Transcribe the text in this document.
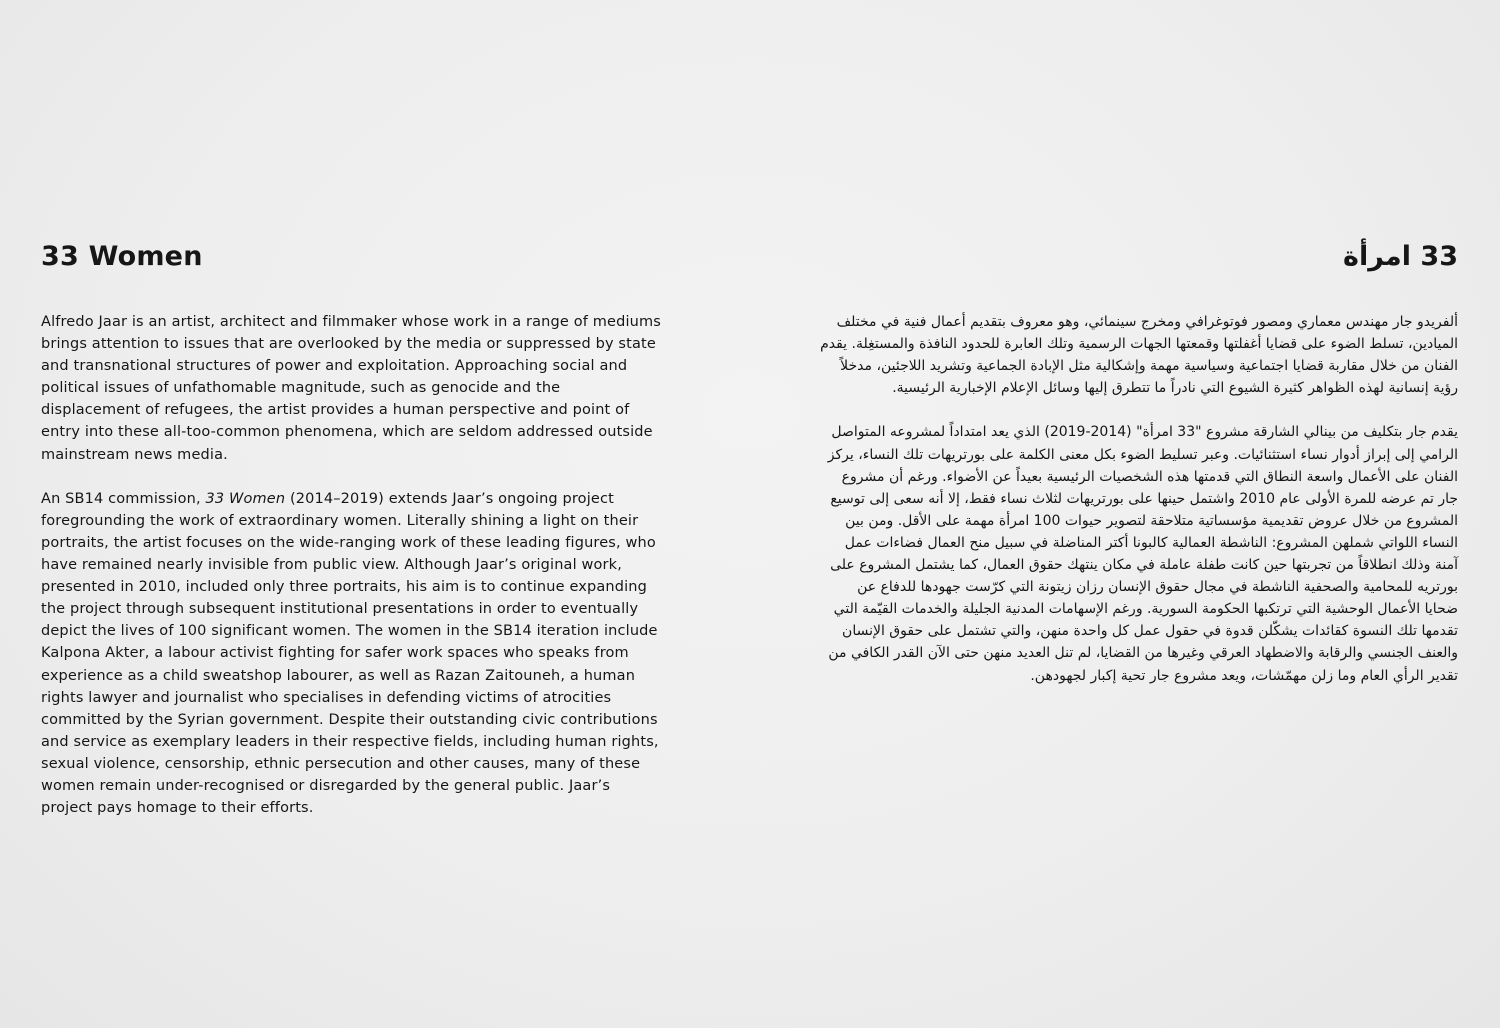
33 Women

Alfredo Jaar is an artist, architect and filmmaker whose work in a range of mediums brings attention to issues that are overlooked by the media or suppressed by state and transnational structures of power and exploitation. Approaching social and political issues of unfathomable magnitude, such as genocide and the displacement of refugees, the artist provides a human perspective and point of entry into these all-too-common phenomena, which are seldom addressed outside mainstream news media.

An SB14 commission, 33 Women (2014–2019) extends Jaar’s ongoing project foregrounding the work of extraordinary women. Literally shining a light on their portraits, the artist focuses on the wide-ranging work of these leading figures, who have remained nearly invisible from public view. Although Jaar’s original work, presented in 2010, included only three portraits, his aim is to continue expanding the project through subsequent institutional presentations in order to eventually depict the lives of 100 significant women. The women in the SB14 iteration include Kalpona Akter, a labour activist fighting for safer work spaces who speaks from experience as a child sweatshop labourer, as well as Razan Zaitouneh, a human rights lawyer and journalist who specialises in defending victims of atrocities committed by the Syrian government. Despite their outstanding civic contributions and service as exemplary leaders in their respective fields, including human rights, sexual violence, censorship, ethnic persecution and other causes, many of these women remain under-recognised or disregarded by the general public. Jaar’s project pays homage to their efforts.

33 امرأة

ألفريدو جار مهندس معماري ومصور فوتوغرافي ومخرج سينمائي، وهو معروف بتقديم أعمال فنية في مختلف الميادين، تسلط الضوء على قضايا أغفلتها وقمعتها الجهات الرسمية وتلك العابرة للحدود النافذة والمستغِلة. يقدم الفنان من خلال مقاربة قضايا اجتماعية وسياسية مهمة وإشكالية مثل الإبادة الجماعية وتشريد اللاجئين، مدخلاً رؤية إنسانية لهذه الظواهر كثيرة الشيوع التي نادراً ما تتطرق إليها وسائل الإعلام الإخبارية الرئيسية.

يقدم جار بتكليف من بينالي الشارقة مشروع "33 امرأة" (2014-2019) الذي يعد امتداداً لمشروعه المتواصل الرامي إلى إبراز أدوار نساء استثنائيات. وعبر تسليط الضوء بكل معنى الكلمة على بورتريهات تلك النساء، يركز الفنان على الأعمال واسعة النطاق التي قدمتها هذه الشخصيات الرئيسية بعيداً عن الأضواء. ورغم أن مشروع جار تم عرضه للمرة الأولى عام 2010 واشتمل حينها على بورتريهات لثلاث نساء فقط، إلا أنه سعى إلى توسيع المشروع من خلال عروض تقديمية مؤسساتية متلاحقة لتصوير حيوات 100 امرأة مهمة على الأقل. ومن بين النساء اللواتي شملهن المشروع: الناشطة العمالية كالبونا أكتر المناضلة في سبيل منح العمال فضاءات عمل آمنة وذلك انطلاقاً من تجربتها حين كانت طفلة عاملة في مكان ينتهك حقوق العمال، كما يشتمل المشروع على بورتريه للمحامية والصحفية الناشطة في مجال حقوق الإنسان رزان زيتونة التي كرّست جهودها للدفاع عن ضحايا الأعمال الوحشية التي ترتكبها الحكومة السورية. ورغم الإسهامات المدنية الجليلة والخدمات القيّمة التي تقدمها تلك النسوة كقائدات يشكّلن قدوة في حقول عمل كل واحدة منهن، والتي تشتمل على حقوق الإنسان والعنف الجنسي والرقابة والاضطهاد العرقي وغيرها من القضايا، لم تنل العديد منهن حتى الآن القدر الكافي من تقدير الرأي العام وما زلن مهمّشات، ويعد مشروع جار تحية إكبار لجهودهن.
